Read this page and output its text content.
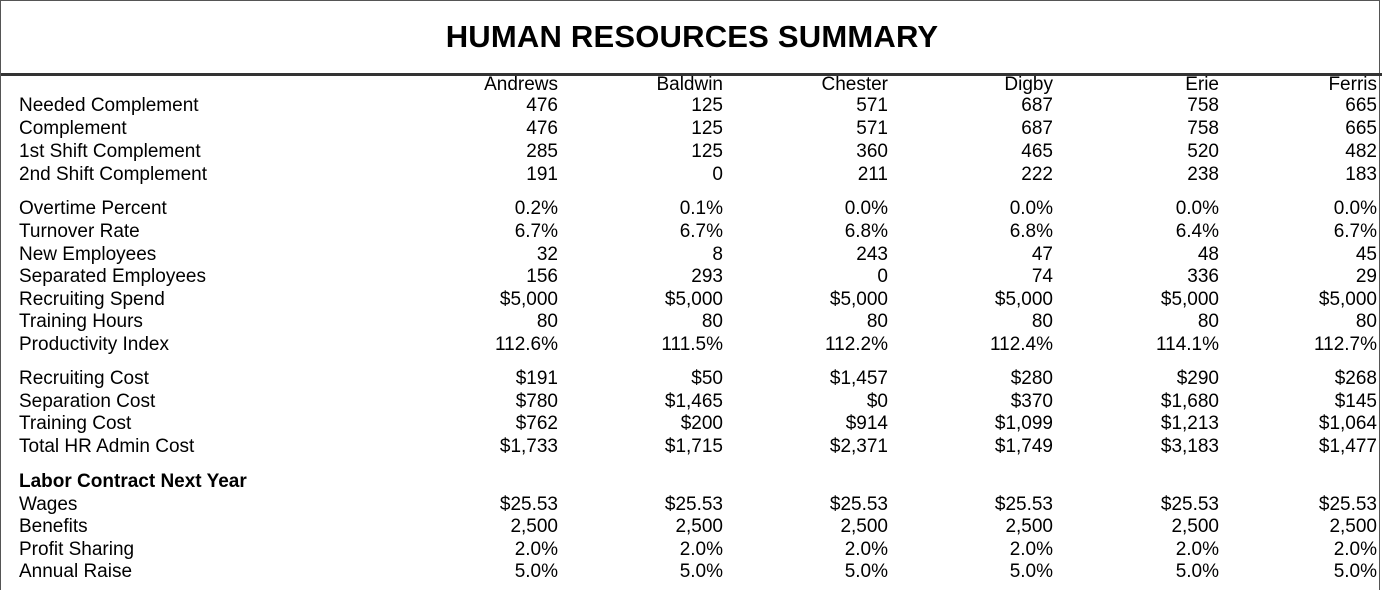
HUMAN RESOURCES SUMMARY
Andrews	Baldwin	Chester	Digby	Erie	Ferris
Needed Complement	476	125	571	687	758	665
Complement	476	125	571	687	758	665
1st Shift Complement	285	125	360	465	520	482
2nd Shift Complement	191	0	211	222	238	183
Overtime Percent	0.2%	0.1%	0.0%	0.0%	0.0%	0.0%
Turnover Rate	6.7%	6.7%	6.8%	6.8%	6.4%	6.7%
New Employees	32	8	243	47	48	45
Separated Employees	156	293	0	74	336	29
Recruiting Spend	$5,000	$5,000	$5,000	$5,000	$5,000	$5,000
Training Hours	80	80	80	80	80	80
Productivity Index	112.6%	111.5%	112.2%	112.4%	114.1%	112.7%
Recruiting Cost	$191	$50	$1,457	$280	$290	$268
Separation Cost	$780	$1,465	$0	$370	$1,680	$145
Training Cost	$762	$200	$914	$1,099	$1,213	$1,064
Total HR Admin Cost	$1,733	$1,715	$2,371	$1,749	$3,183	$1,477
Labor Contract Next Year
Wages	$25.53	$25.53	$25.53	$25.53	$25.53	$25.53
Benefits	2,500	2,500	2,500	2,500	2,500	2,500
Profit Sharing	2.0%	2.0%	2.0%	2.0%	2.0%	2.0%
Annual Raise	5.0%	5.0%	5.0%	5.0%	5.0%	5.0%
